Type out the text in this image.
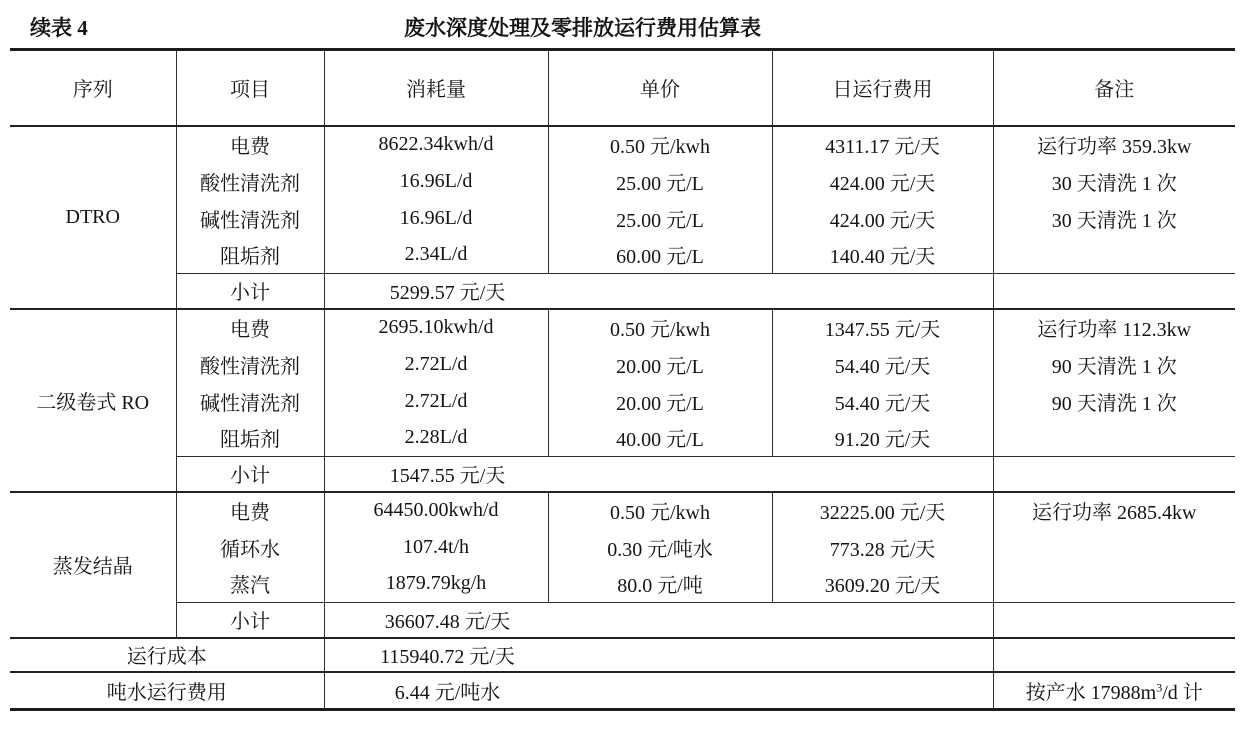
续表 4	废水深度处理及零排放运行费用估算表
序列	项目	消耗量	单价	日运行费用	备注
DTRO	电费	8622.34kwh/d	0.50 元/kwh	4311.17 元/天	运行功率 359.3kw
	酸性清洗剂	16.96L/d	25.00 元/L	424.00 元/天	30 天清洗 1 次
	碱性清洗剂	16.96L/d	25.00 元/L	424.00 元/天	30 天清洗 1 次
	阻垢剂	2.34L/d	60.00 元/L	140.40 元/天	
	小计	5299.57 元/天			

二级卷式 RO	电费	2695.10kwh/d	0.50 元/kwh	1347.55 元/天	运行功率 112.3kw
	酸性清洗剂	2.72L/d	20.00 元/L	54.40 元/天	90 天清洗 1 次
	碱性清洗剂	2.72L/d	20.00 元/L	54.40 元/天	90 天清洗 1 次
	阻垢剂	2.28L/d	40.00 元/L	91.20 元/天	
	小计	1547.55 元/天			

蒸发结晶	电费	64450.00kwh/d	0.50 元/kwh	32225.00 元/天	运行功率 2685.4kw
	循环水	107.4t/h	0.30 元/吨水	773.28 元/天	
	蒸汽	1879.79kg/h	80.0 元/吨	3609.20 元/天	
	小计	36607.48 元/天			

运行成本		115940.72 元/天			

吨水运行费用		6.44 元/吨水			按产水 $17988m^3/d$ 计
